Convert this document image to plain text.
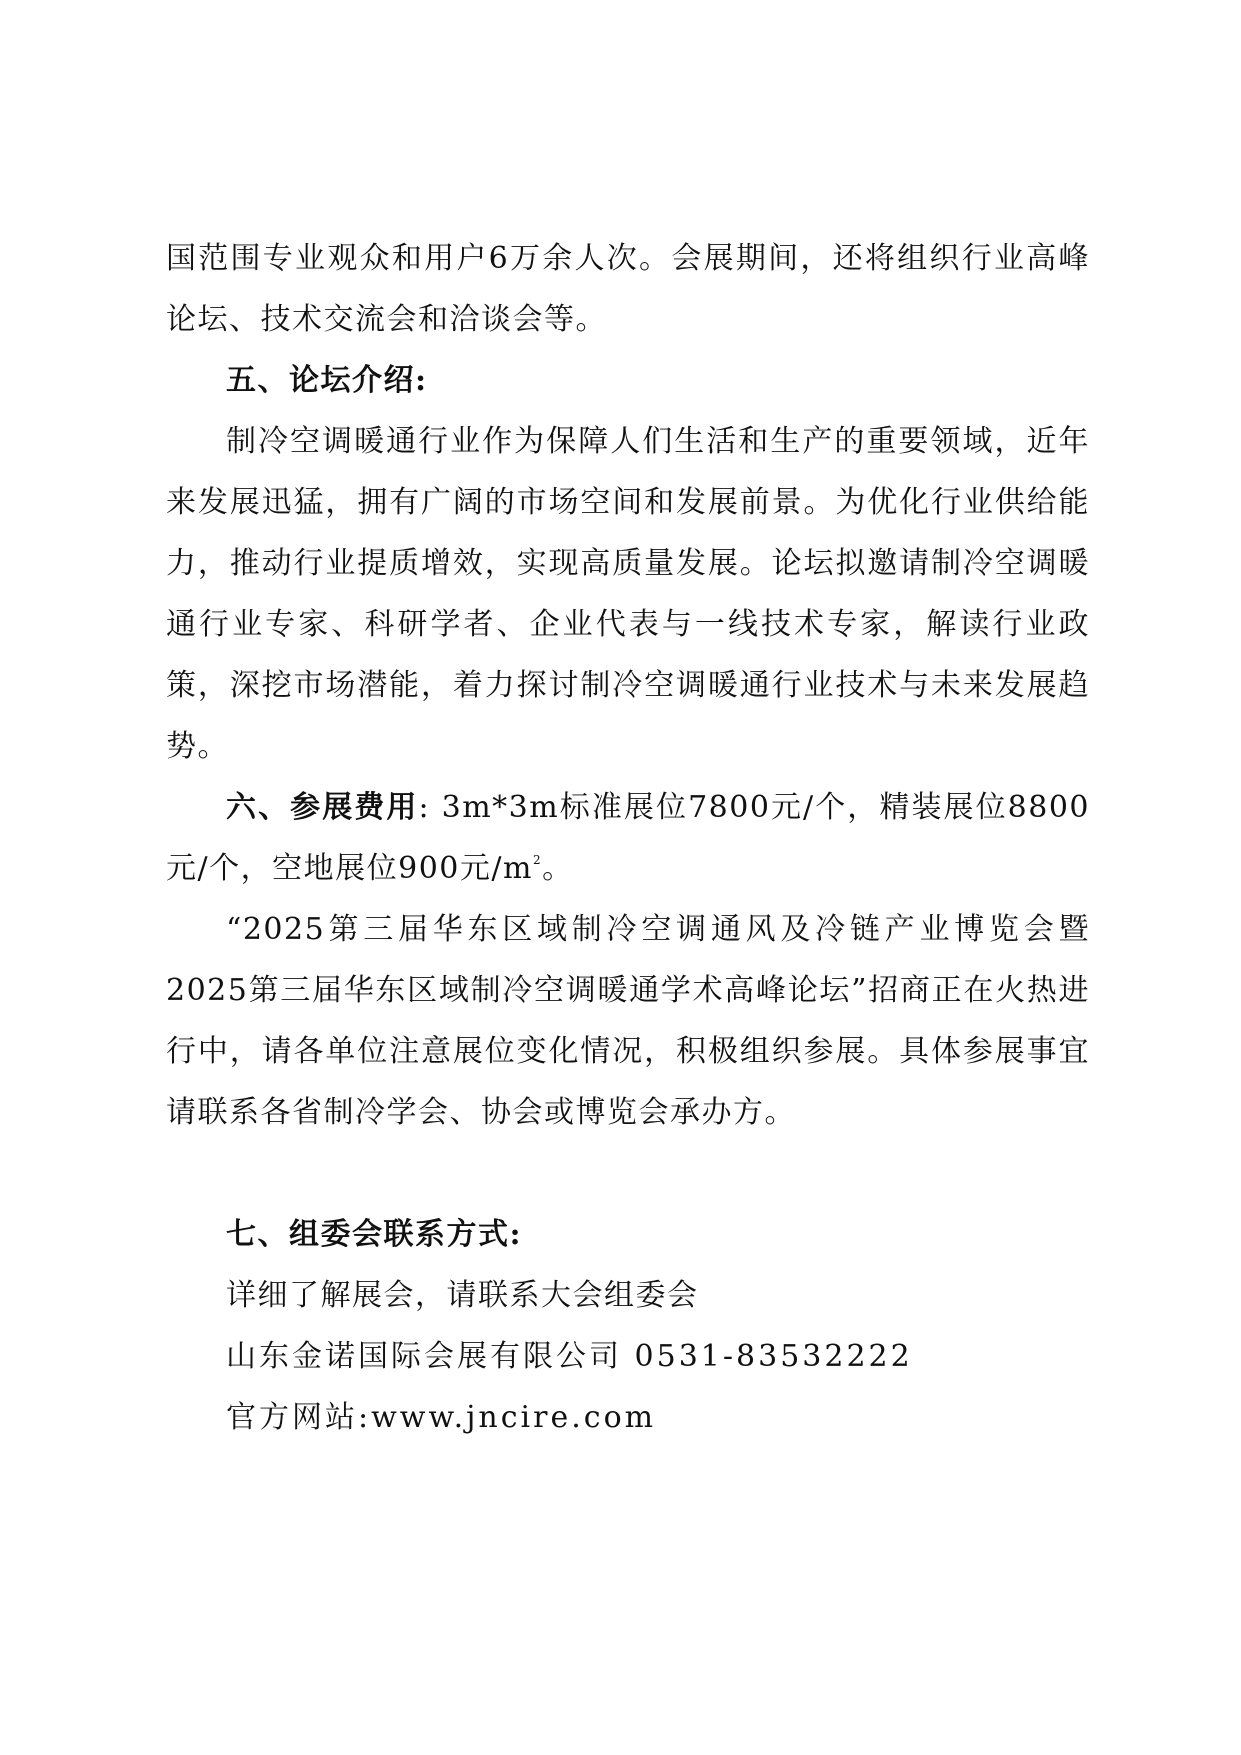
国范围专业观众和用户6万余人次。会展期间，还将组织行业高峰论坛、技术交流会和洽谈会等。

五、论坛介绍:

制冷空调暖通行业作为保障人们生活和生产的重要领域，近年来发展迅猛，拥有广阔的市场空间和发展前景。为优化行业供给能力，推动行业提质增效，实现高质量发展。论坛拟邀请制冷空调暖通行业专家、科研学者、企业代表与一线技术专家，解读行业政策，深挖市场潜能，着力探讨制冷空调暖通行业技术与未来发展趋势。

六、参展费用: 3m*3m标准展位7800元/个，精装展位8800元/个，空地展位900元$/m^2$。

“2025第三届华东区域制冷空调通风及冷链产业博览会暨2025第三届华东区域制冷空调暖通学术高峰论坛”招商正在火热进行中，请各单位注意展位变化情况，积极组织参展。具体参展事宜请联系各省制冷学会、协会或博览会承办方。

七、组委会联系方式:

详细了解展会，请联系大会组委会

山东金诺国际会展有限公司 0531-83532222

官方网站:www.jncire.com
